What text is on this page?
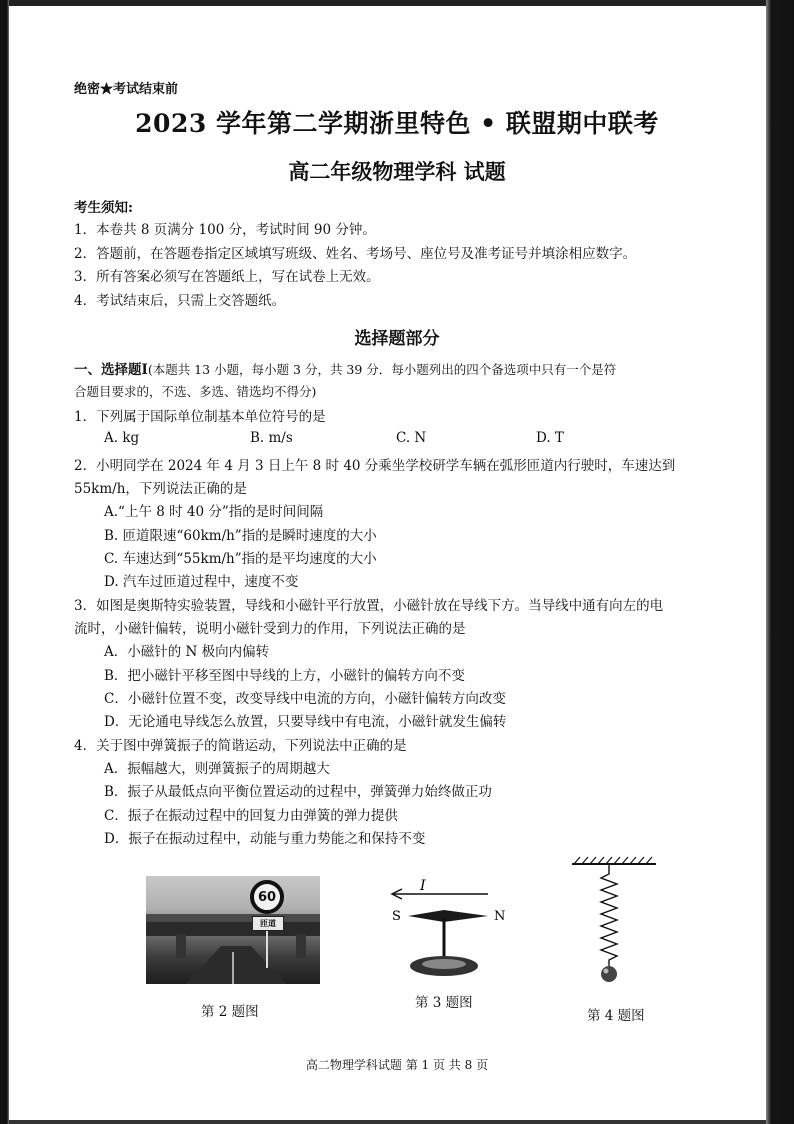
绝密★考试结束前
2023 学年第二学期浙里特色 • 联盟期中联考
高二年级物理学科 试题
考生须知:
1．本卷共 8 页满分 100 分，考试时间 90 分钟。
2．答题前，在答题卷指定区域填写班级、姓名、考场号、座位号及准考证号并填涂相应数字。
3．所有答案必须写在答题纸上，写在试卷上无效。
4．考试结束后，只需上交答题纸。
选择题部分
一、选择题Ⅰ(本题共 13 小题，每小题 3 分，共 39 分．每小题列出的四个备选项中只有一个是符
合题目要求的，不选、多选、错选均不得分)
1．下列属于国际单位制基本单位符号的是
A. kg	B. m/s	C. N	D. T
2．小明同学在 2024 年 4 月 3 日上午 8 时 40 分乘坐学校研学车辆在弧形匝道内行驶时，车速达到
55km/h，下列说法正确的是
A.“上午 8 时 40 分”指的是时间间隔
B. 匝道限速“60km/h”指的是瞬时速度的大小
C. 车速达到“55km/h”指的是平均速度的大小
D. 汽车过匝道过程中，速度不变
3．如图是奥斯特实验装置，导线和小磁针平行放置，小磁针放在导线下方。当导线中通有向左的电
流时，小磁针偏转，说明小磁针受到力的作用，下列说法正确的是
A．小磁针的 N 极向内偏转
B．把小磁针平移至图中导线的上方，小磁针的偏转方向不变
C．小磁针位置不变，改变导线中电流的方向，小磁针偏转方向改变
D．无论通电导线怎么放置，只要导线中有电流，小磁针就发生偏转
4．关于图中弹簧振子的简谐运动，下列说法中正确的是
A．振幅越大，则弹簧振子的周期越大
B．振子从最低点向平衡位置运动的过程中，弹簧弹力始终做正功
C．振子在振动过程中的回复力由弹簧的弹力提供
D．振子在振动过程中，动能与重力势能之和保持不变
60
匝道
第 2 题图
I
S	N
第 3 题图
第 4 题图
高二物理学科试题 第 1 页 共 8 页
